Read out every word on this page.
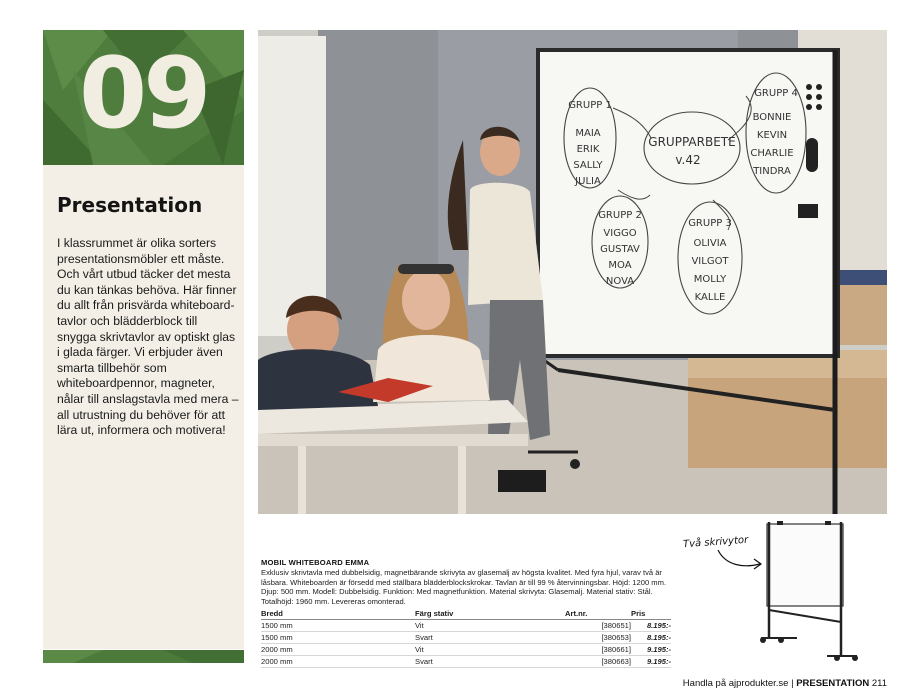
09
Presentation
I klassrummet är olika sorters presentationsmöbler ett måste. Och vårt utbud täcker det mesta du kan tänkas behöva. Här finner du allt från prisvärda whiteboardtavlor och blädderblock till snygga skrivtavlor av optiskt glas i glada färger. Vi erbjuder även smarta tillbehör som whiteboardpennor, magneter, nålar till anslagstavla med mera – all utrustning du behöver för att lära ut, informera och motivera!
GRUPP 1
MAIA
ERIK
SALLY
JULIA
GRUPPARBETE
v.42
GRUPP 2
VIGGO
GUSTAV
MOA
NOVA
GRUPP 4
BONNIE
KEVIN
CHARLIE
TINDRA
GRUPP 3
OLIVIA
VILGOT
MOLLY
KALLE
MOBIL WHITEBOARD EMMA
Exklusiv skrivtavla med dubbelsidig, magnetbärande skrivyta av glasemalj av högsta kvalitet. Med fyra hjul, varav två är låsbara. Whiteboarden är försedd med ställbara blädderblockskrokar. Tavlan är till 99 % återvinningsbar. Höjd: 1200 mm. Djup: 500 mm. Modell: Dubbelsidig. Funktion: Med magnetfunktion. Material skrivyta: Glasemalj. Material stativ: Stål. Totalhöjd: 1960 mm. Levereras omonterad.
Bredd	Färg stativ	Art.nr.	Pris
1500 mm	Vit	[380651]	8.195:-
1500 mm	Svart	[380653]	8.195:-
2000 mm	Vit	[380661]	9.195:-
2000 mm	Svart	[380663]	9.195:-
Två skrivytor
Handla på ajprodukter.se | PRESENTATION 211
